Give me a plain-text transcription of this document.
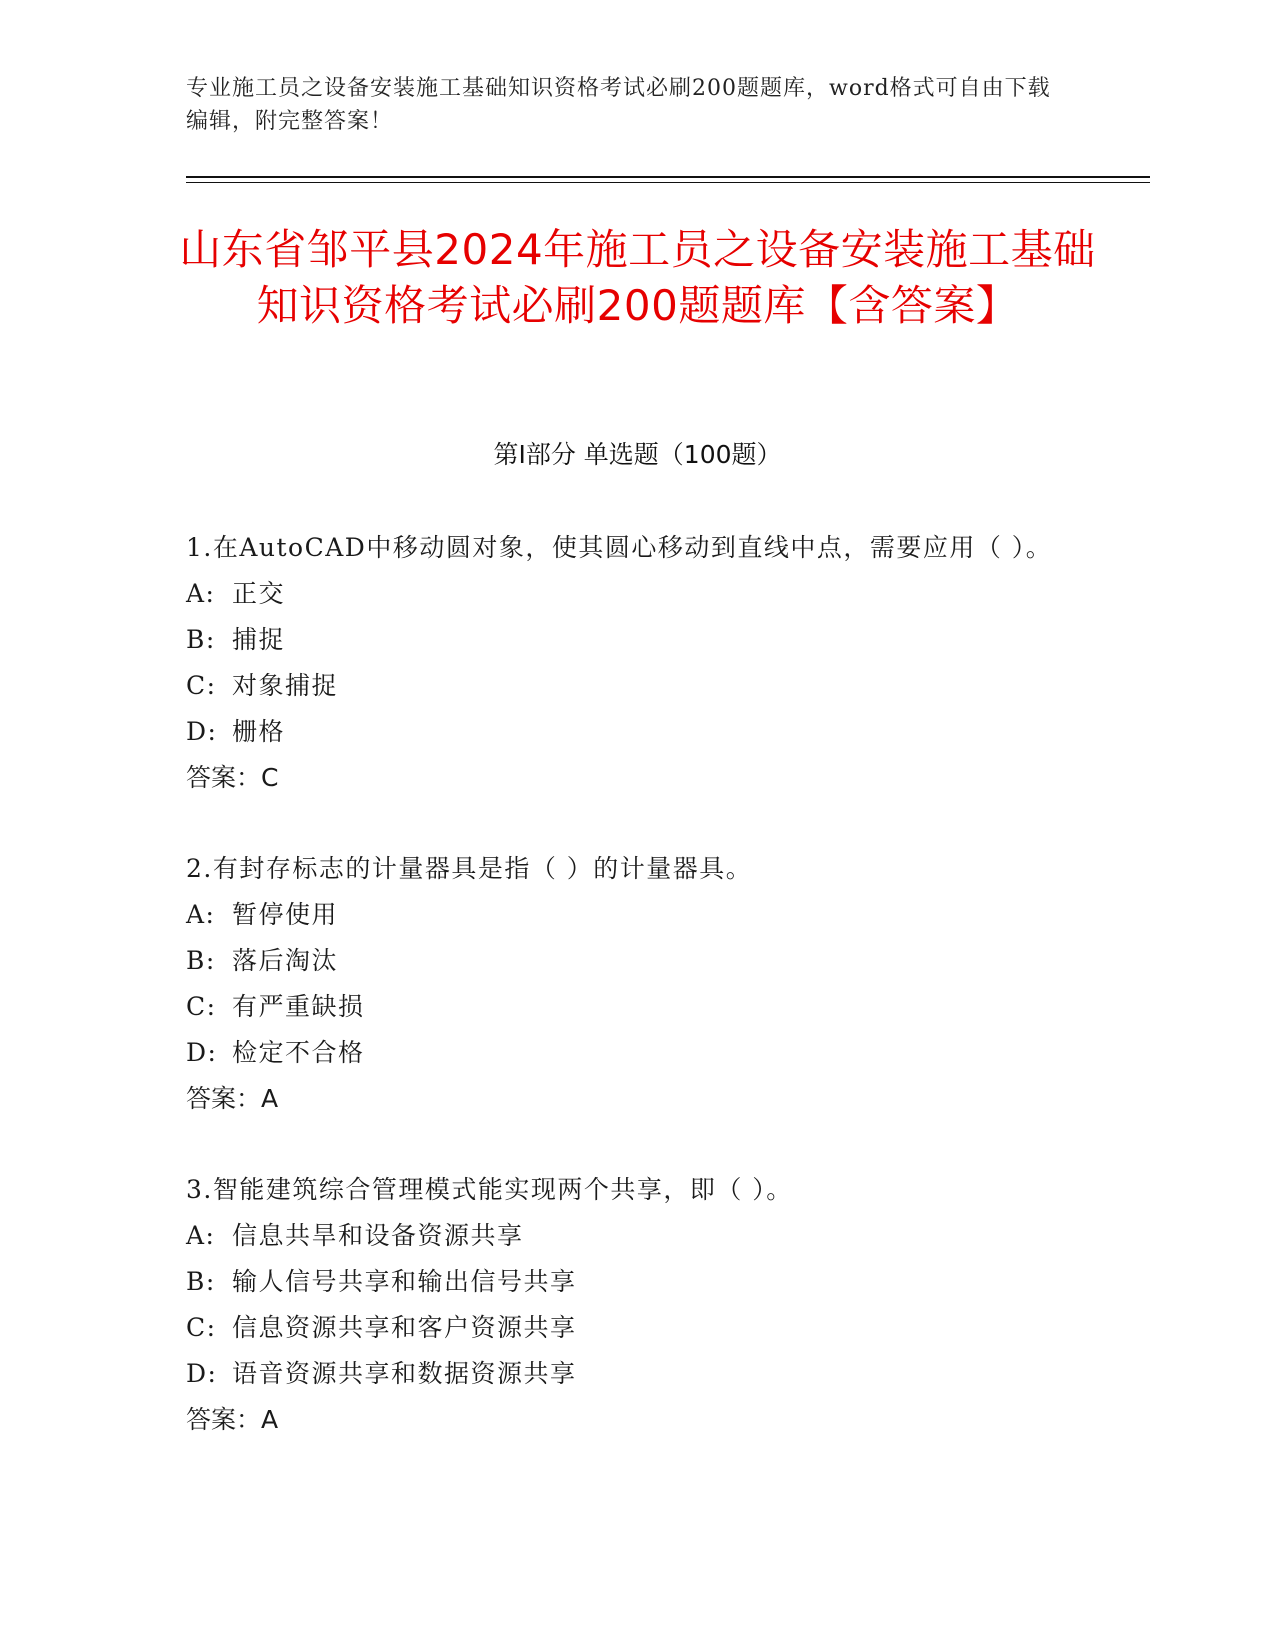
专业施工员之设备安装施工基础知识资格考试必刷200题题库，word格式可自由下载编辑，附完整答案！
山东省邹平县2024年施工员之设备安装施工基础知识资格考试必刷200题题库【含答案】
第I部分 单选题（100题）

1.在AutoCAD中移动圆对象，使其圆心移动到直线中点，需要应用（ ）。

A: 正交

B: 捕捉

C: 对象捕捉

D: 栅格

答案：C

2.有封存标志的计量器具是指（ ）的计量器具。

A: 暂停使用

B: 落后淘汰

C: 有严重缺损

D: 检定不合格

答案：A

3.智能建筑综合管理模式能实现两个共享，即（ ）。

A: 信息共旱和设备资源共享

B: 输人信号共享和输出信号共享

C: 信息资源共享和客户资源共享

D: 语音资源共享和数据资源共享

答案：A
